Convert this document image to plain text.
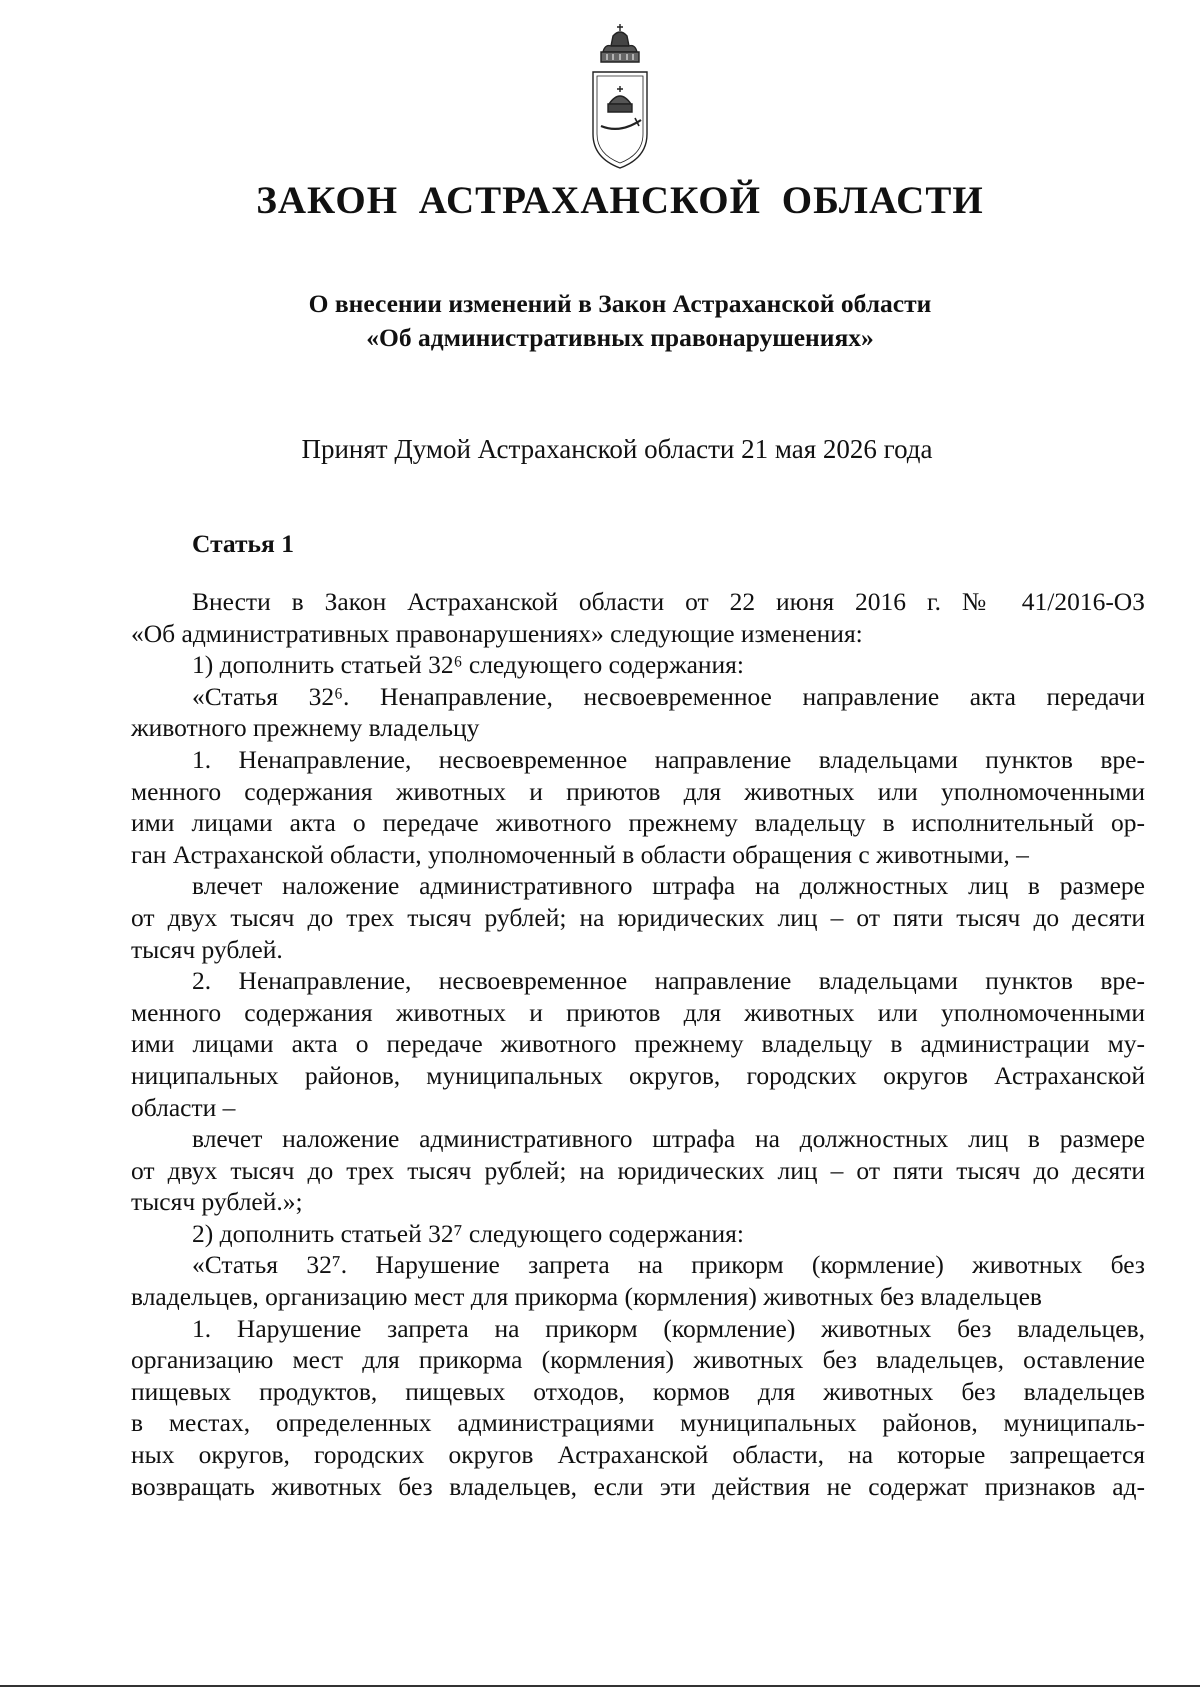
ЗАКОН АСТРАХАНСКОЙ ОБЛАСТИ
О внесении изменений в Закон Астраханской области
«Об административных правонарушениях»
Принят Думой Астраханской области 21 мая 2026 года
Статья 1

Внести в Закон Астраханской области от 22 июня 2016 г. № 41/2016-ОЗ

«Об административных правонарушениях» следующие изменения:

1) дополнить статьей 32⁶ следующего содержания:

«Статья 32⁶. Ненаправление, несвоевременное направление акта передачи

животного прежнему владельцу

1. Ненаправление, несвоевременное направление владельцами пунктов вре-

менного содержания животных и приютов для животных или уполномоченными

ими лицами акта о передаче животного прежнему владельцу в исполнительный ор-

ган Астраханской области, уполномоченный в области обращения с животными, –

влечет наложение административного штрафа на должностных лиц в размере

от двух тысяч до трех тысяч рублей; на юридических лиц – от пяти тысяч до десяти

тысяч рублей.

2. Ненаправление, несвоевременное направление владельцами пунктов вре-

менного содержания животных и приютов для животных или уполномоченными

ими лицами акта о передаче животного прежнему владельцу в администрации му-

ниципальных районов, муниципальных округов, городских округов Астраханской

области –

влечет наложение административного штрафа на должностных лиц в размере

от двух тысяч до трех тысяч рублей; на юридических лиц – от пяти тысяч до десяти

тысяч рублей.»;

2) дополнить статьей 32⁷ следующего содержания:

«Статья 32⁷. Нарушение запрета на прикорм (кормление) животных без

владельцев, организацию мест для прикорма (кормления) животных без владельцев

1. Нарушение запрета на прикорм (кормление) животных без владельцев,

организацию мест для прикорма (кормления) животных без владельцев, оставление

пищевых продуктов, пищевых отходов, кормов для животных без владельцев

в местах, определенных администрациями муниципальных районов, муниципаль-

ных округов, городских округов Астраханской области, на которые запрещается

возвращать животных без владельцев, если эти действия не содержат признаков ад-
